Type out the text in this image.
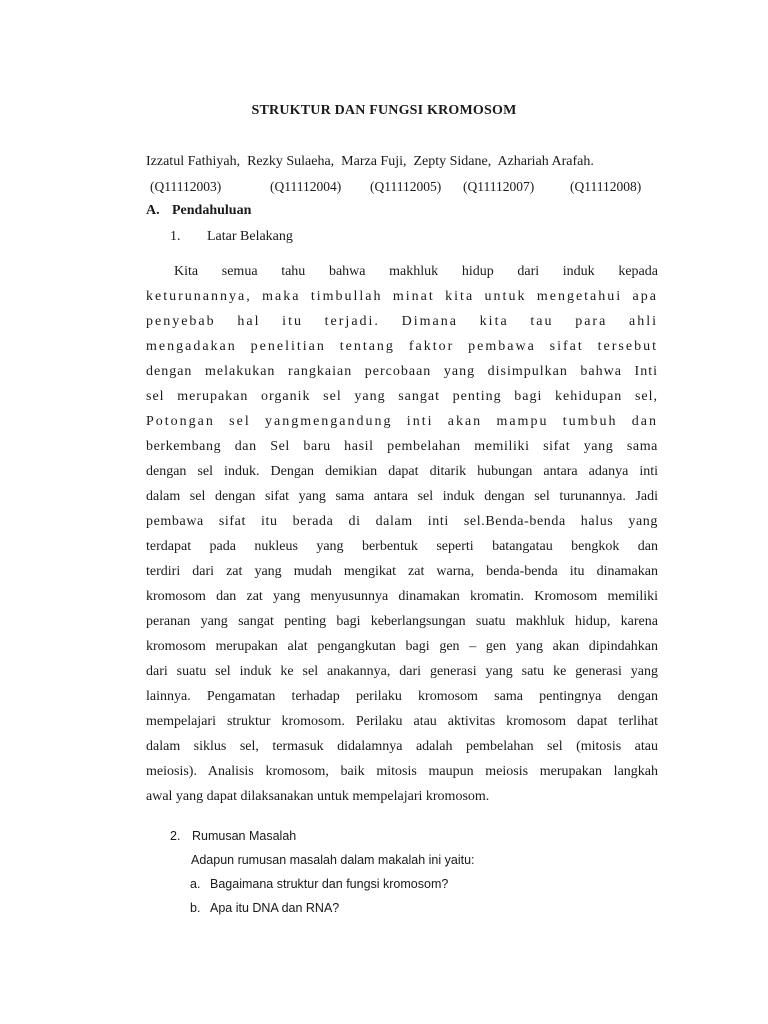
STRUKTUR DAN FUNGSI KROMOSOM
Izzatul Fathiyah,  Rezky Sulaeha,  Marza Fuji,  Zepty Sidane,  Azhariah Arafah.
(Q11112003)	(Q11112004) (Q11112005) (Q11112007)	(Q11112008)
A. Pendahuluan
1. Latar Belakang
Kita semua tahu bahwa makhluk hidup dari induk kepada
keturunannya, maka timbullah minat kita untuk mengetahui apa
penyebab hal itu terjadi. Dimana kita tau para ahli
mengadakan penelitian tentang faktor pembawa sifat tersebut
dengan melakukan rangkaian percobaan yang disimpulkan bahwa Inti
sel merupakan organik sel yang sangat penting bagi kehidupan sel,
Potongan sel yangmengandung inti akan mampu tumbuh dan
berkembang dan Sel baru hasil pembelahan memiliki sifat yang sama
dengan sel induk. Dengan demikian dapat ditarik hubungan antara adanya inti
dalam sel dengan sifat yang sama antara sel induk dengan sel turunannya. Jadi
pembawa sifat itu berada di dalam inti sel.Benda-benda halus yang
terdapat pada nukleus yang berbentuk seperti batangatau bengkok dan
terdiri dari zat yang mudah mengikat zat warna, benda-benda itu dinamakan
kromosom dan zat yang menyusunnya dinamakan kromatin. Kromosom memiliki
peranan yang sangat penting bagi keberlangsungan suatu makhluk hidup, karena
kromosom merupakan alat pengangkutan bagi gen – gen yang akan dipindahkan
dari suatu sel induk ke sel anakannya, dari generasi yang satu ke generasi yang
lainnya. Pengamatan terhadap perilaku kromosom sama pentingnya dengan
mempelajari struktur kromosom. Perilaku atau aktivitas kromosom dapat terlihat
dalam siklus sel, termasuk didalamnya adalah pembelahan sel (mitosis atau
meiosis). Analisis kromosom, baik mitosis maupun meiosis merupakan langkah
awal yang dapat dilaksanakan untuk mempelajari kromosom.
2. Rumusan Masalah
Adapun rumusan masalah dalam makalah ini yaitu:
a. Bagaimana struktur dan fungsi kromosom?
b. Apa itu DNA dan RNA?
